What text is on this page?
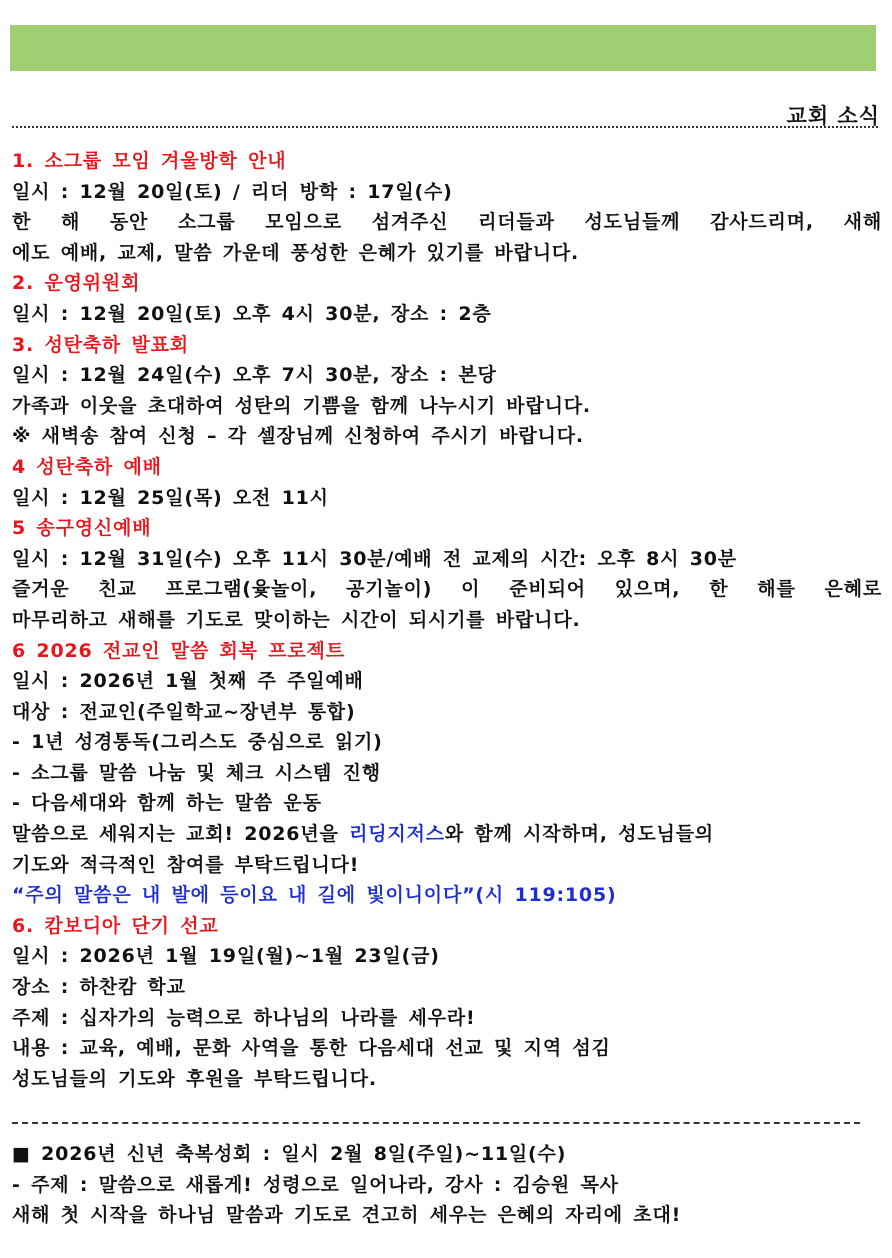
교회 소식
1. 소그룹 모임 겨울방학 안내
일시 : 12월 20일(토) / 리더 방학 : 17일(수)
한 해 동안 소그룹 모임으로 섬겨주신 리더들과 성도님들께 감사드리며, 새해
에도 예배, 교제, 말씀 가운데 풍성한 은혜가 있기를 바랍니다.
2. 운영위원회
일시 : 12월 20일(토) 오후 4시 30분, 장소 : 2층
3. 성탄축하 발표회
일시 : 12월 24일(수) 오후 7시 30분, 장소 : 본당
가족과 이웃을 초대하여 성탄의 기쁨을 함께 나누시기 바랍니다.
※ 새벽송 참여 신청 – 각 셀장님께 신청하여 주시기 바랍니다.
4 성탄축하 예배
일시 : 12월 25일(목) 오전 11시
5 송구영신예배
일시 : 12월 31일(수) 오후 11시 30분/예배 전 교제의 시간: 오후 8시 30분
즐거운 친교 프로그램(윷놀이, 공기놀이) 이 준비되어 있으며, 한 해를 은혜로
마무리하고 새해를 기도로 맞이하는 시간이 되시기를 바랍니다.
6 2026 전교인 말씀 회복 프로젝트
일시 : 2026년 1월 첫째 주 주일예배
대상 : 전교인(주일학교~장년부 통합)
- 1년 성경통독(그리스도 중심으로 읽기)
- 소그룹 말씀 나눔 및 체크 시스템 진행
- 다음세대와 함께 하는 말씀 운동
말씀으로 세워지는 교회! 2026년을 리딩지저스와 함께 시작하며, 성도님들의
기도와 적극적인 참여를 부탁드립니다!
“주의 말씀은 내 발에 등이요 내 길에 빛이니이다”(시 119:105)
6. 캄보디아 단기 선교
일시 : 2026년 1월 19일(월)~1월 23일(금)
장소 : 하찬캄 학교
주제 : 십자가의 능력으로 하나님의 나라를 세우라!
내용 : 교육, 예배, 문화 사역을 통한 다음세대 선교 및 지역 섬김
성도님들의 기도와 후원을 부탁드립니다.
■ 2026년 신년 축복성회 : 일시 2월 8일(주일)~11일(수)
- 주제 : 말씀으로 새롭게! 성령으로 일어나라, 강사 : 김승원 목사
새해 첫 시작을 하나님 말씀과 기도로 견고히 세우는 은혜의 자리에 초대!
